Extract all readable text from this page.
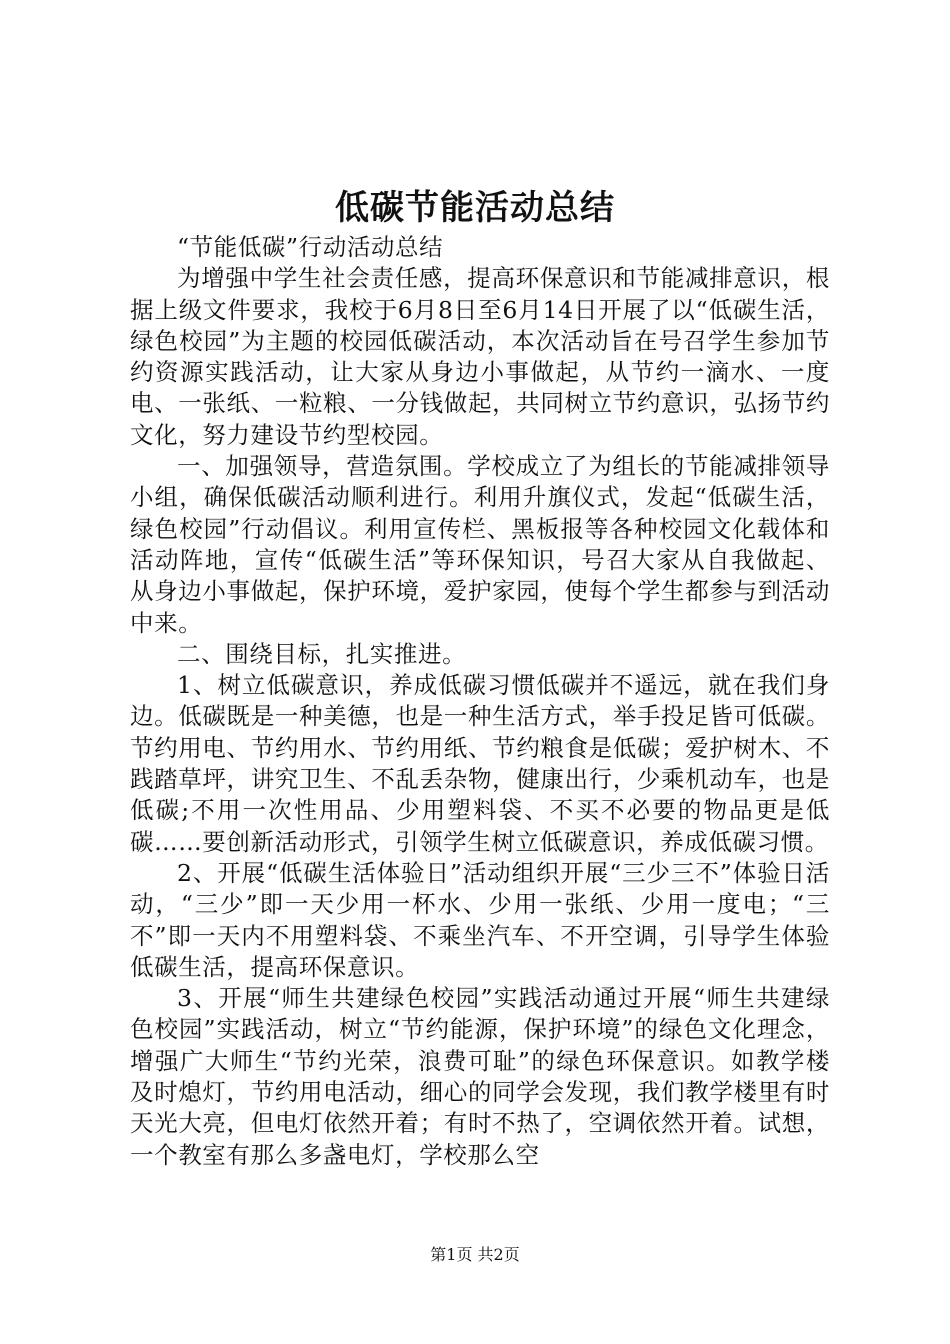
低碳节能活动总结

“节能低碳”行动活动总结

为增强中学生社会责任感，提高环保意识和节能减排意识，根据上级文件要求，我校于6月8日至6月14日开展了以“低碳生活，绿色校园”为主题的校园低碳活动，本次活动旨在号召学生参加节约资源实践活动，让大家从身边小事做起，从节约一滴水、一度电、一张纸、一粒粮、一分钱做起，共同树立节约意识，弘扬节约文化，努力建设节约型校园。

一、加强领导，营造氛围。学校成立了为组长的节能减排领导小组，确保低碳活动顺利进行。利用升旗仪式，发起“低碳生活，绿色校园”行动倡议。利用宣传栏、黑板报等各种校园文化载体和活动阵地，宣传“低碳生活”等环保知识，号召大家从自我做起、从身边小事做起，保护环境，爱护家园，使每个学生都参与到活动中来。

二、围绕目标，扎实推进。

1、树立低碳意识，养成低碳习惯低碳并不遥远，就在我们身边。低碳既是一种美德，也是一种生活方式，举手投足皆可低碳。节约用电、节约用水、节约用纸、节约粮食是低碳；爱护树木、不践踏草坪，讲究卫生、不乱丢杂物，健康出行，少乘机动车，也是低碳;不用一次性用品、少用塑料袋、不买不必要的物品更是低碳……要创新活动形式，引领学生树立低碳意识，养成低碳习惯。

2、开展“低碳生活体验日”活动组织开展“三少三不”体验日活动，“三少”即一天少用一杯水、少用一张纸、少用一度电；“三不”即一天内不用塑料袋、不乘坐汽车、不开空调，引导学生体验低碳生活，提高环保意识。

3、开展“师生共建绿色校园”实践活动通过开展“师生共建绿色校园”实践活动，树立“节约能源，保护环境”的绿色文化理念，增强广大师生“节约光荣，浪费可耻”的绿色环保意识。如教学楼及时熄灯，节约用电活动，细心的同学会发现，我们教学楼里有时天光大亮，但电灯依然开着；有时不热了，空调依然开着。试想，一个教室有那么多盏电灯，学校那么空

第1页 共2页
